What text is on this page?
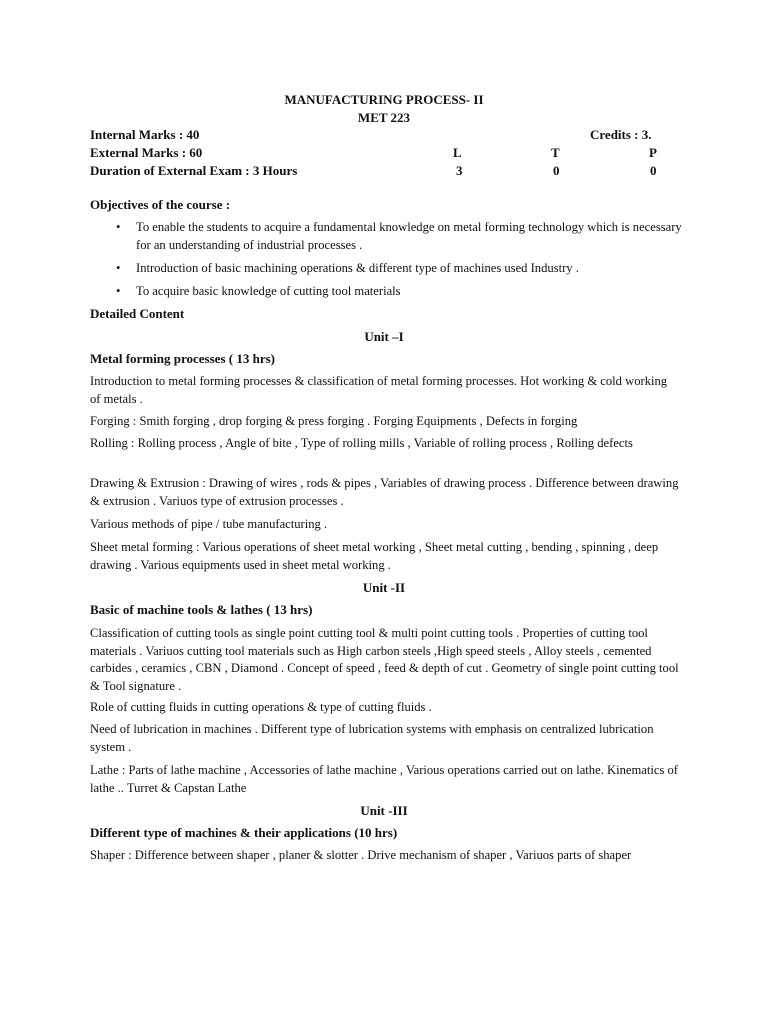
MANUFACTURING PROCESS- II
MET 223
Internal Marks : 40	Credits : 3.
External Marks : 60	L	T	P
Duration of External Exam : 3 Hours	3	0	0
Objectives of the course :
• To enable the students to acquire a fundamental knowledge on metal forming technology which is necessary for an understanding of industrial processes .
• Introduction of basic machining operations & different type of machines used Industry .
• To acquire basic knowledge of cutting tool materials
Detailed Content
Unit –I
Metal forming processes ( 13 hrs)
Introduction to metal forming processes & classification of metal forming processes. Hot working & cold working of metals .
Forging : Smith forging , drop forging & press forging . Forging Equipments , Defects in forging
Rolling : Rolling process , Angle of bite , Type of rolling mills , Variable of rolling process , Rolling defects
Drawing & Extrusion : Drawing of wires , rods & pipes , Variables of drawing process . Difference between drawing & extrusion . Variuos type of extrusion processes .
Various methods of pipe / tube manufacturing .
Sheet metal forming : Various operations of sheet metal working , Sheet metal cutting , bending , spinning , deep drawing . Various equipments used in sheet metal working .
Unit -II
Basic of machine tools & lathes ( 13 hrs)
Classification of cutting tools as single point cutting tool & multi point cutting tools . Properties of cutting tool materials . Variuos cutting tool materials such as High carbon steels ,High speed steels , Alloy steels , cemented carbides , ceramics , CBN , Diamond . Concept of speed , feed & depth of cut . Geometry of single point cutting tool & Tool signature .
Role of cutting fluids in cutting operations & type of cutting fluids .
Need of lubrication in machines . Different type of lubrication systems with emphasis on centralized lubrication system .
Lathe : Parts of lathe machine , Accessories of lathe machine , Various operations carried out on lathe. Kinematics of lathe .. Turret & Capstan Lathe
Unit -III
Different type of machines & their applications (10 hrs)
Shaper : Difference between shaper , planer & slotter . Drive mechanism of shaper , Variuos parts of shaper
